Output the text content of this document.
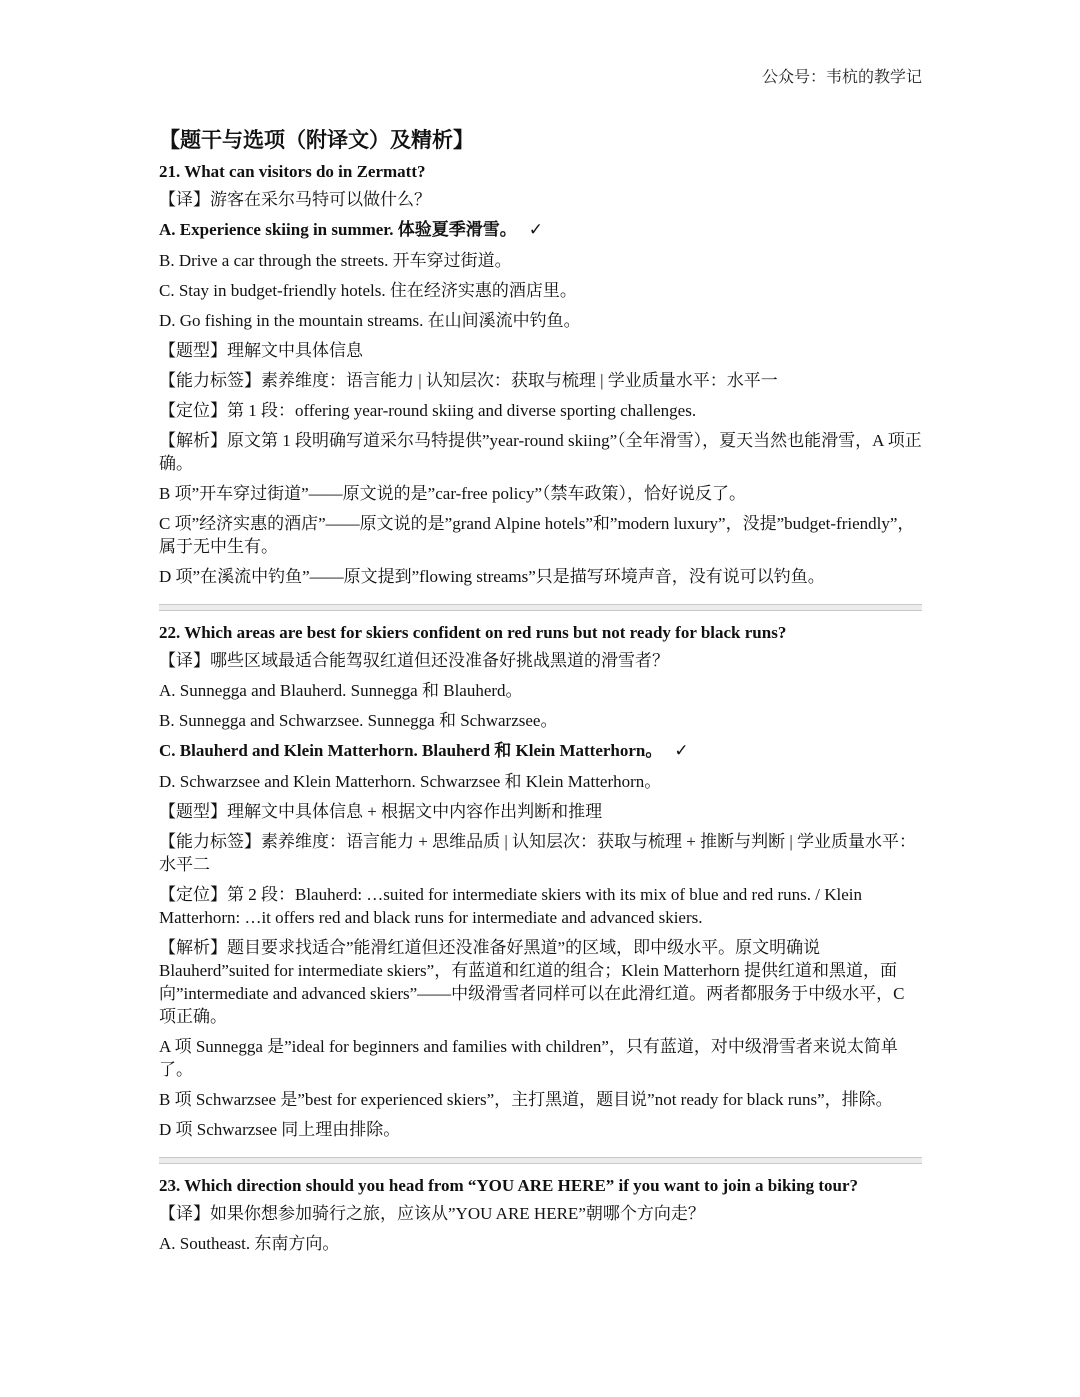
公众号：韦杭的教学记
【题干与选项（附译文）及精析】
21. What can visitors do in Zermatt?
【译】游客在采尔马特可以做什么？
A. Experience skiing in summer. 体验夏季滑雪。 ✓
B. Drive a car through the streets. 开车穿过街道。
C. Stay in budget-friendly hotels. 住在经济实惠的酒店里。
D. Go fishing in the mountain streams. 在山间溪流中钓鱼。
【题型】理解文中具体信息
【能力标签】素养维度：语言能力 | 认知层次：获取与梳理 | 学业质量水平：水平一
【定位】第 1 段：offering year-round skiing and diverse sporting challenges.
【解析】原文第 1 段明确写道采尔马特提供”year-round skiing”（全年滑雪），夏天当然也能滑雪，A 项正确。
B 项”开车穿过街道”——原文说的是”car-free policy”（禁车政策），恰好说反了。
C 项”经济实惠的酒店”——原文说的是”grand Alpine hotels”和”modern luxury”，没提”budget-friendly”，属于无中生有。
D 项”在溪流中钓鱼”——原文提到”flowing streams”只是描写环境声音，没有说可以钓鱼。
22. Which areas are best for skiers confident on red runs but not ready for black runs?
【译】哪些区域最适合能驾驭红道但还没准备好挑战黑道的滑雪者？
A. Sunnegga and Blauherd. Sunnegga 和 Blauherd。
B. Sunnegga and Schwarzsee. Sunnegga 和 Schwarzsee。
C. Blauherd and Klein Matterhorn. Blauherd 和 Klein Matterhorn。 ✓
D. Schwarzsee and Klein Matterhorn. Schwarzsee 和 Klein Matterhorn。
【题型】理解文中具体信息 + 根据文中内容作出判断和推理
【能力标签】素养维度：语言能力 + 思维品质 | 认知层次：获取与梳理 + 推断与判断 | 学业质量水平：水平二
【定位】第 2 段：Blauherd: …suited for intermediate skiers with its mix of blue and red runs. / Klein Matterhorn: …it offers red and black runs for intermediate and advanced skiers.
【解析】题目要求找适合”能滑红道但还没准备好黑道”的区域，即中级水平。原文明确说 Blauherd”suited for intermediate skiers”，有蓝道和红道的组合；Klein Matterhorn 提供红道和黑道，面向”intermediate and advanced skiers”——中级滑雪者同样可以在此滑红道。两者都服务于中级水平，C 项正确。
A 项 Sunnegga 是”ideal for beginners and families with children”，只有蓝道，对中级滑雪者来说太简单了。
B 项 Schwarzsee 是”best for experienced skiers”，主打黑道，题目说”not ready for black runs”，排除。
D 项 Schwarzsee 同上理由排除。
23. Which direction should you head from “YOU ARE HERE” if you want to join a biking tour?
【译】如果你想参加骑行之旅，应该从”YOU ARE HERE”朝哪个方向走？
A. Southeast. 东南方向。
